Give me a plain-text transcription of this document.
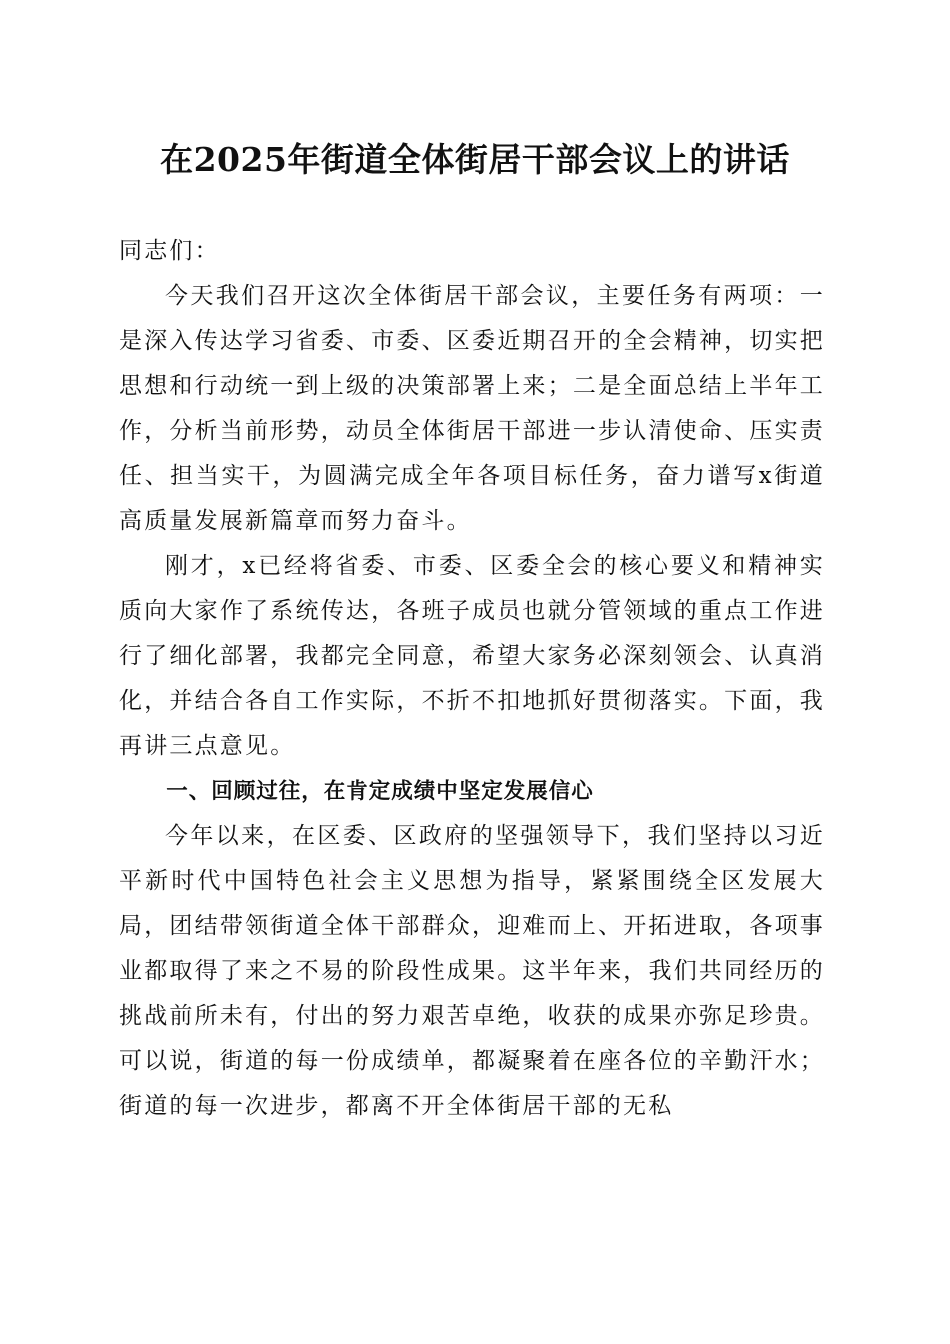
在2025年街道全体街居干部会议上的讲话

同志们：

今天我们召开这次全体街居干部会议，主要任务有两项：一是深入传达学习省委、市委、区委近期召开的全会精神，切实把思想和行动统一到上级的决策部署上来；二是全面总结上半年工作，分析当前形势，动员全体街居干部进一步认清使命、压实责任、担当实干，为圆满完成全年各项目标任务，奋力谱写x街道高质量发展新篇章而努力奋斗。

刚才，x已经将省委、市委、区委全会的核心要义和精神实质向大家作了系统传达，各班子成员也就分管领域的重点工作进行了细化部署，我都完全同意，希望大家务必深刻领会、认真消化，并结合各自工作实际，不折不扣地抓好贯彻落实。下面，我再讲三点意见。

一、回顾过往，在肯定成绩中坚定发展信心

今年以来，在区委、区政府的坚强领导下，我们坚持以习近平新时代中国特色社会主义思想为指导，紧紧围绕全区发展大局，团结带领街道全体干部群众，迎难而上、开拓进取，各项事业都取得了来之不易的阶段性成果。这半年来，我们共同经历的挑战前所未有，付出的努力艰苦卓绝，收获的成果亦弥足珍贵。可以说，街道的每一份成绩单，都凝聚着在座各位的辛勤汗水；街道的每一次进步，都离不开全体街居干部的无私
